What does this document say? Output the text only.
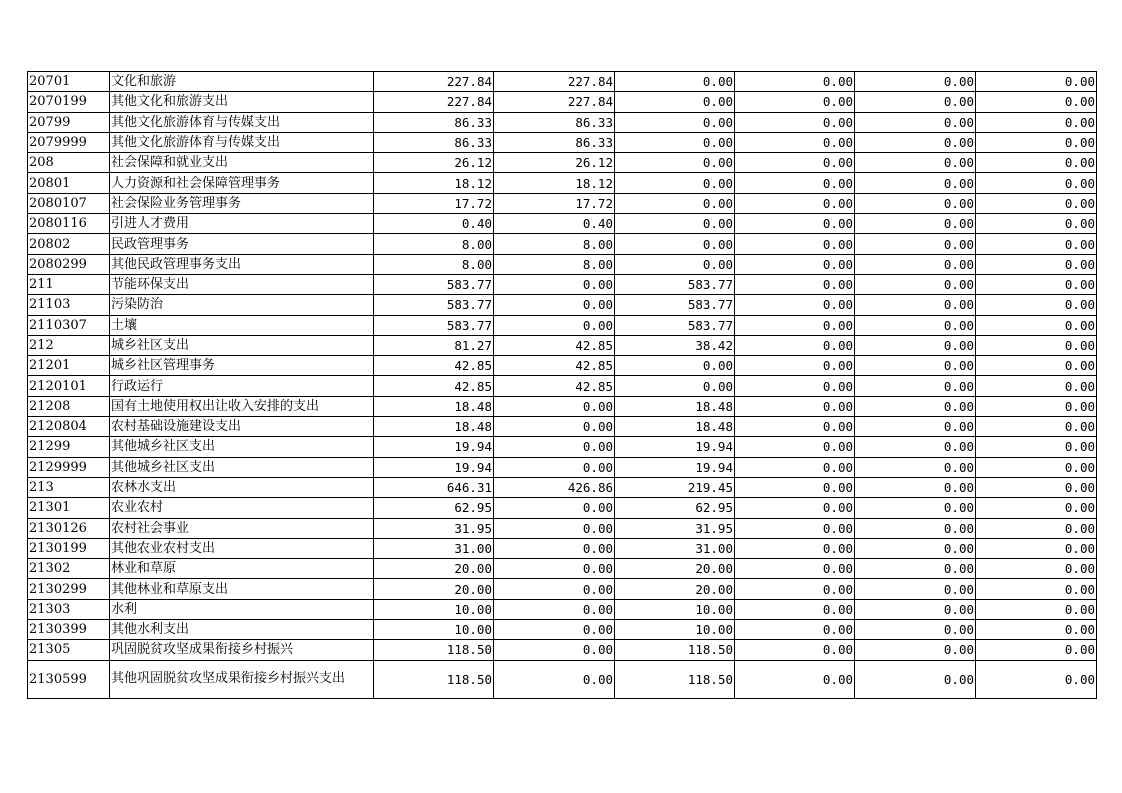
20701	文化和旅游	227.84	227.84	0.00	0.00	0.00	0.00
2070199	其他文化和旅游支出	227.84	227.84	0.00	0.00	0.00	0.00
20799	其他文化旅游体育与传媒支出	86.33	86.33	0.00	0.00	0.00	0.00
2079999	其他文化旅游体育与传媒支出	86.33	86.33	0.00	0.00	0.00	0.00
208	社会保障和就业支出	26.12	26.12	0.00	0.00	0.00	0.00
20801	人力资源和社会保障管理事务	18.12	18.12	0.00	0.00	0.00	0.00
2080107	社会保险业务管理事务	17.72	17.72	0.00	0.00	0.00	0.00
2080116	引进人才费用	0.40	0.40	0.00	0.00	0.00	0.00
20802	民政管理事务	8.00	8.00	0.00	0.00	0.00	0.00
2080299	其他民政管理事务支出	8.00	8.00	0.00	0.00	0.00	0.00
211	节能环保支出	583.77	0.00	583.77	0.00	0.00	0.00
21103	污染防治	583.77	0.00	583.77	0.00	0.00	0.00
2110307	土壤	583.77	0.00	583.77	0.00	0.00	0.00
212	城乡社区支出	81.27	42.85	38.42	0.00	0.00	0.00
21201	城乡社区管理事务	42.85	42.85	0.00	0.00	0.00	0.00
2120101	行政运行	42.85	42.85	0.00	0.00	0.00	0.00
21208	国有土地使用权出让收入安排的支出	18.48	0.00	18.48	0.00	0.00	0.00
2120804	农村基础设施建设支出	18.48	0.00	18.48	0.00	0.00	0.00
21299	其他城乡社区支出	19.94	0.00	19.94	0.00	0.00	0.00
2129999	其他城乡社区支出	19.94	0.00	19.94	0.00	0.00	0.00
213	农林水支出	646.31	426.86	219.45	0.00	0.00	0.00
21301	农业农村	62.95	0.00	62.95	0.00	0.00	0.00
2130126	农村社会事业	31.95	0.00	31.95	0.00	0.00	0.00
2130199	其他农业农村支出	31.00	0.00	31.00	0.00	0.00	0.00
21302	林业和草原	20.00	0.00	20.00	0.00	0.00	0.00
2130299	其他林业和草原支出	20.00	0.00	20.00	0.00	0.00	0.00
21303	水利	10.00	0.00	10.00	0.00	0.00	0.00
2130399	其他水利支出	10.00	0.00	10.00	0.00	0.00	0.00
21305	巩固脱贫攻坚成果衔接乡村振兴	118.50	0.00	118.50	0.00	0.00	0.00
2130599	其他巩固脱贫攻坚成果衔接乡村振兴支出	118.50	0.00	118.50	0.00	0.00	0.00
